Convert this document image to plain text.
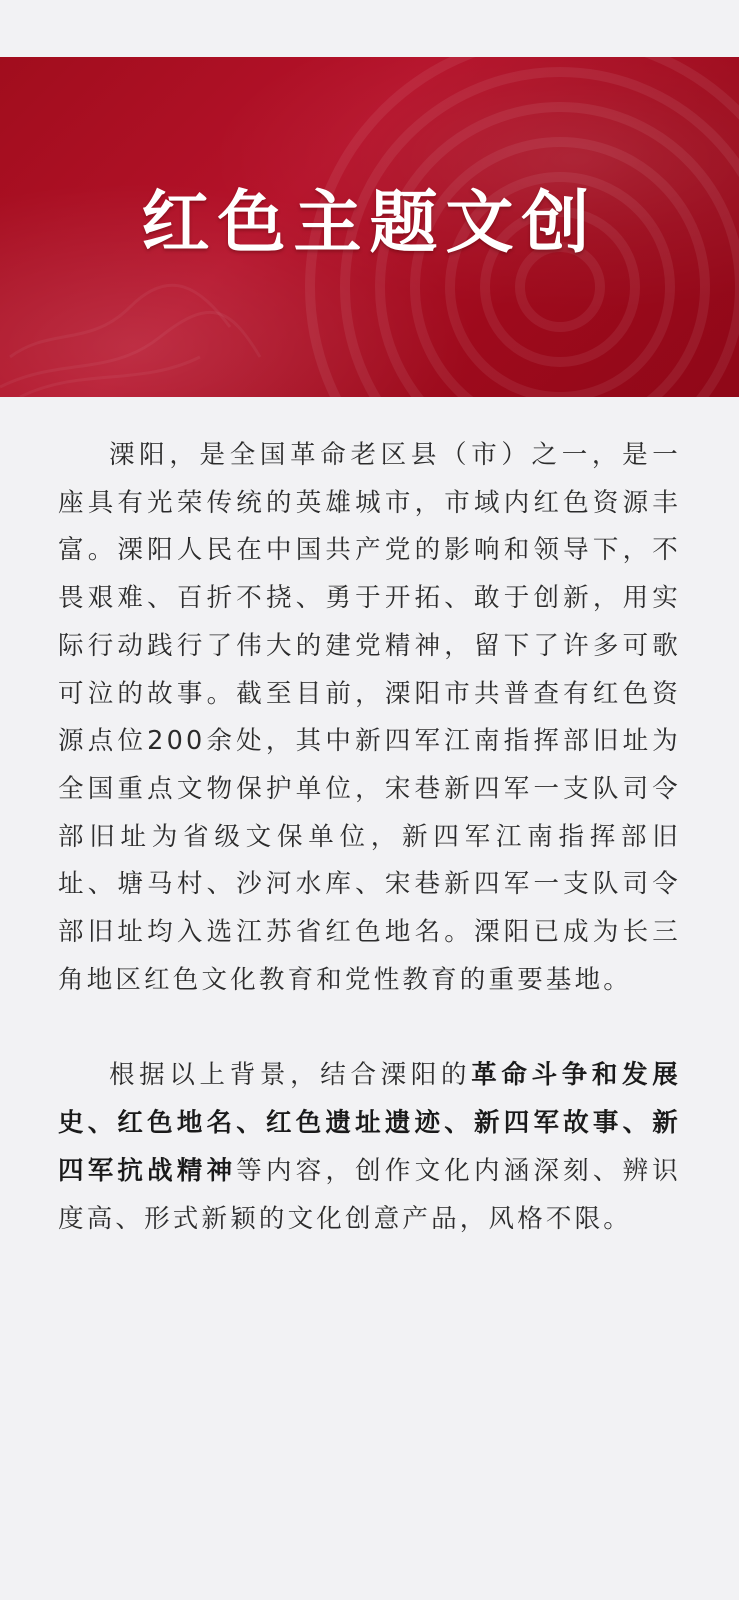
红色主题文创

溧阳，是全国革命老区县（市）之一，是一座具有光荣传统的英雄城市，市域内红色资源丰富。溧阳人民在中国共产党的影响和领导下，不畏艰难、百折不挠、勇于开拓、敢于创新，用实际行动践行了伟大的建党精神，留下了许多可歌可泣的故事。截至目前，溧阳市共普查有红色资源点位200余处，其中新四军江南指挥部旧址为全国重点文物保护单位，宋巷新四军一支队司令部旧址为省级文保单位，新四军江南指挥部旧址、塘马村、沙河水库、宋巷新四军一支队司令部旧址均入选江苏省红色地名。溧阳已成为长三角地区红色文化教育和党性教育的重要基地。

根据以上背景，结合溧阳的革命斗争和发展史、红色地名、红色遗址遗迹、新四军故事、新四军抗战精神等内容，创作文化内涵深刻、辨识度高、形式新颖的文化创意产品，风格不限。
